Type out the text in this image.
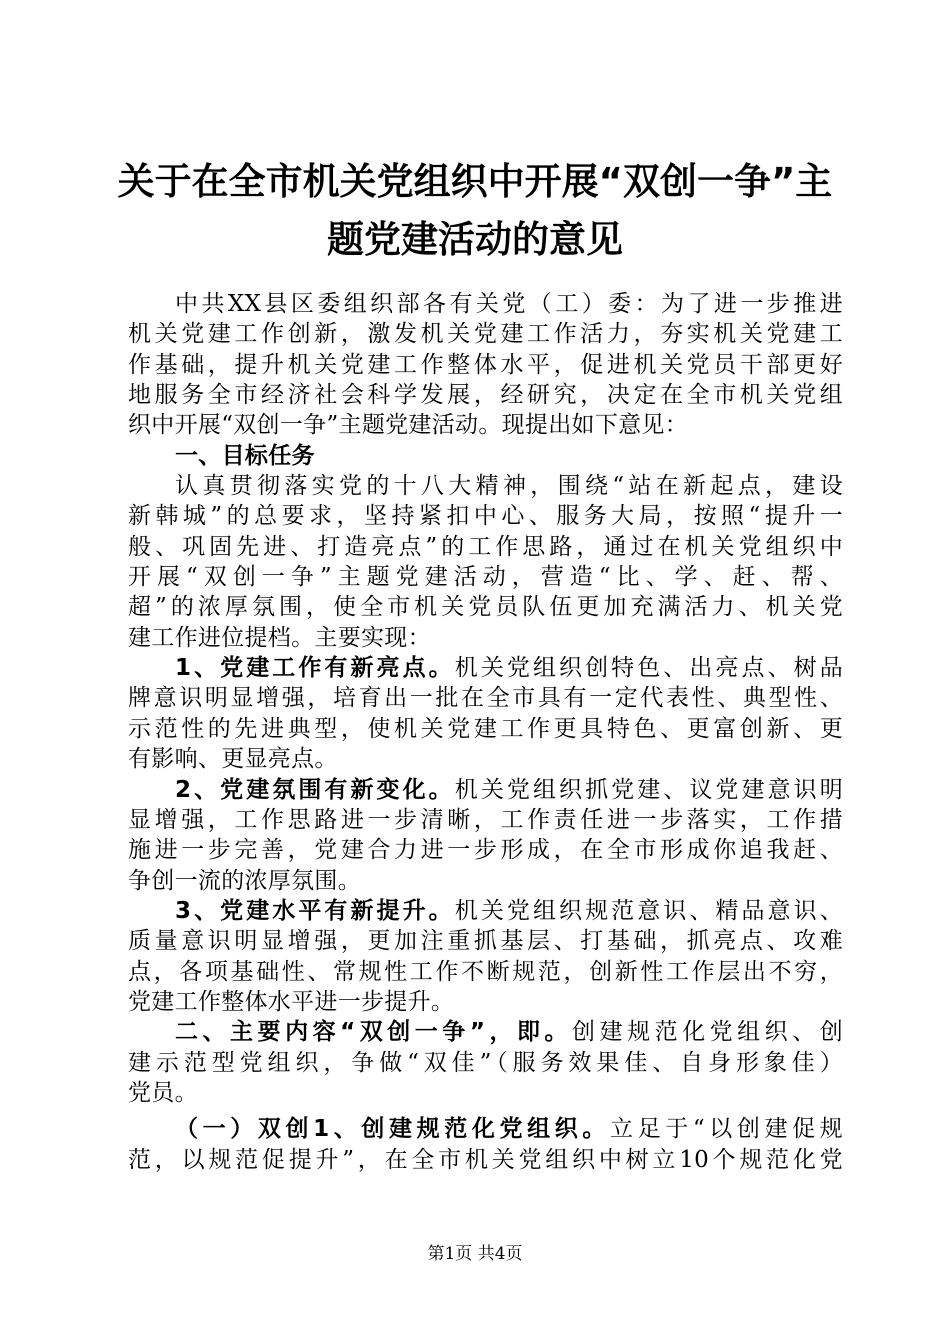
关于在全市机关党组织中开展“双创一争”主
题党建活动的意见
中共XX县区委组织部各有关党（工）委：为了进一步推进
机关党建工作创新，激发机关党建工作活力，夯实机关党建工
作基础，提升机关党建工作整体水平，促进机关党员干部更好
地服务全市经济社会科学发展，经研究，决定在全市机关党组
织中开展“双创一争”主题党建活动。现提出如下意见：
一、目标任务
认真贯彻落实党的十八大精神，围绕“站在新起点，建设
新韩城”的总要求，坚持紧扣中心、服务大局，按照“提升一
般、巩固先进、打造亮点”的工作思路，通过在机关党组织中
开展“双创一争”主题党建活动，营造“比、学、赶、帮、
超”的浓厚氛围，使全市机关党员队伍更加充满活力、机关党
建工作进位提档。主要实现：
1、党建工作有新亮点。机关党组织创特色、出亮点、树品
牌意识明显增强，培育出一批在全市具有一定代表性、典型性、
示范性的先进典型，使机关党建工作更具特色、更富创新、更
有影响、更显亮点。
2、党建氛围有新变化。机关党组织抓党建、议党建意识明
显增强，工作思路进一步清晰，工作责任进一步落实，工作措
施进一步完善，党建合力进一步形成，在全市形成你追我赶、
争创一流的浓厚氛围。
3、党建水平有新提升。机关党组织规范意识、精品意识、
质量意识明显增强，更加注重抓基层、打基础，抓亮点、攻难
点，各项基础性、常规性工作不断规范，创新性工作层出不穷，
党建工作整体水平进一步提升。
二、主要内容“双创一争”，即。创建规范化党组织、创
建示范型党组织，争做“双佳”（服务效果佳、自身形象佳）
党员。
（一）双创1、创建规范化党组织。立足于“以创建促规
范，以规范促提升”，在全市机关党组织中树立10个规范化党
第1页 共4页
